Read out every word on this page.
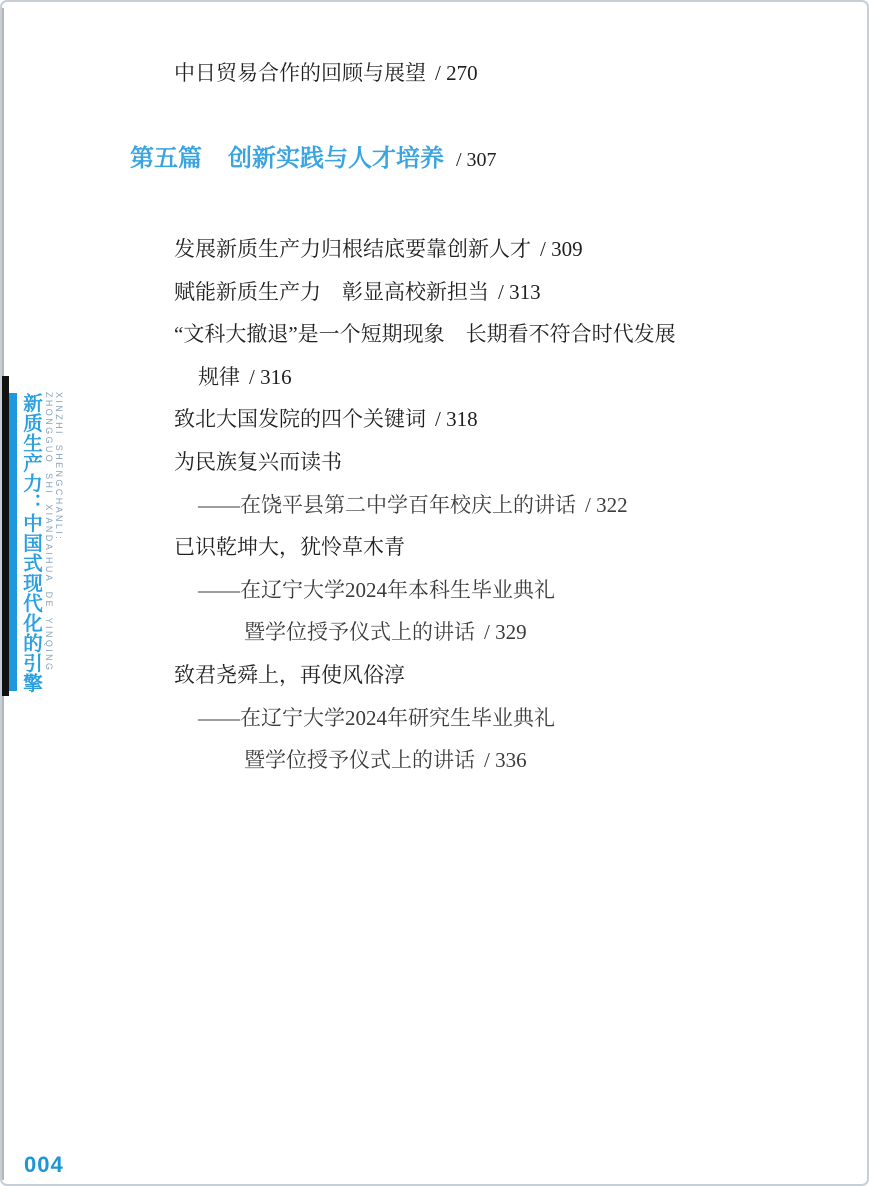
新质生产力：中国式现代化的引擎 XINZHI SHENGCHANLI:
ZHONGGUO SHI XIANDAIHUA DE YINQING
中日贸易合作的回顾与展望 / 270
第五篇 创新实践与人才培养 / 307
发展新质生产力归根结底要靠创新人才 / 309
赋能新质生产力　彰显高校新担当 / 313
“文科大撤退”是一个短期现象　长期看不符合时代发展
规律 / 316
致北大国发院的四个关键词 / 318
为民族复兴而读书
——在饶平县第二中学百年校庆上的讲话 / 322
已识乾坤大，犹怜草木青
——在辽宁大学2024年本科生毕业典礼
暨学位授予仪式上的讲话 / 329
致君尧舜上，再使风俗淳
——在辽宁大学2024年研究生毕业典礼
暨学位授予仪式上的讲话 / 336
004
